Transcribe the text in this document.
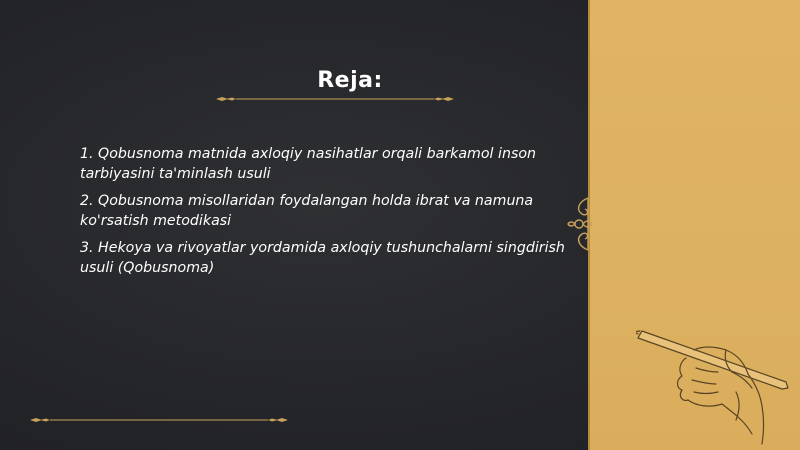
Reja:
1. Qobusnoma matnida axloqiy nasihatlar orqali barkamol inson tarbiyasini ta'minlash usuli
2. Qobusnoma misollaridan foydalangan holda ibrat va namuna ko'rsatish metodikasi
3. Hekoya va rivoyatlar yordamida axloqiy tushunchalarni singdirish usuli (Qobusnoma)
